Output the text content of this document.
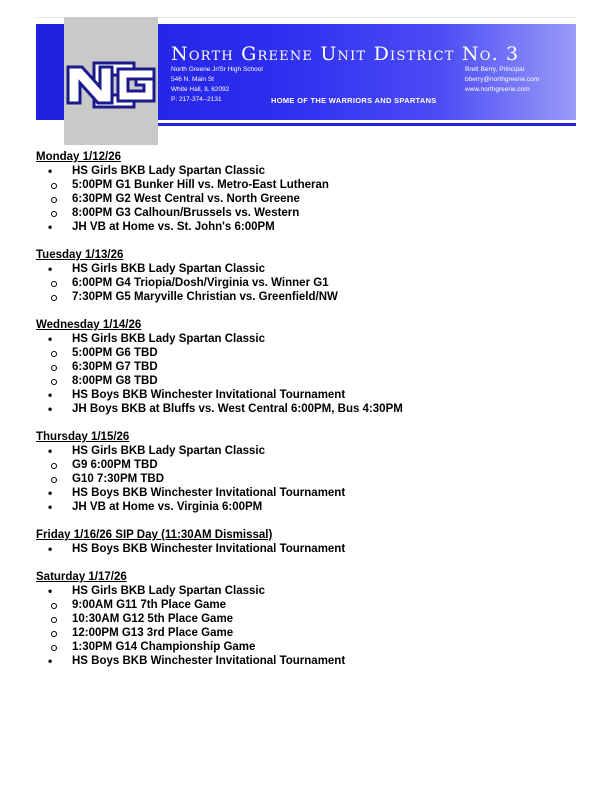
North Greene Unit District No. 3
North Greene Jr/Sr High School
546 N. Main St
White Hall, IL 62092
P: 217-374--2131
Brett Berry, Principal
bberry@northgreene.com
www.northgreene.com
HOME OF THE WARRIORS AND SPARTANS
Monday 1/12/26
• HS Girls BKB Lady Spartan Classic
5:00PM G1 Bunker Hill vs. Metro-East Lutheran
6:30PM G2 West Central vs. North Greene
8:00PM G3 Calhoun/Brussels vs. Western
• JH VB at Home vs. St. John's 6:00PM
Tuesday 1/13/26
• HS Girls BKB Lady Spartan Classic
6:00PM G4 Triopia/Dosh/Virginia vs. Winner G1
7:30PM G5 Maryville Christian vs. Greenfield/NW
Wednesday 1/14/26
• HS Girls BKB Lady Spartan Classic
5:00PM G6 TBD
6:30PM G7 TBD
8:00PM G8 TBD
• HS Boys BKB Winchester Invitational Tournament
• JH Boys BKB at Bluffs vs. West Central 6:00PM, Bus 4:30PM
Thursday 1/15/26
• HS Girls BKB Lady Spartan Classic
G9 6:00PM TBD
G10 7:30PM TBD
• HS Boys BKB Winchester Invitational Tournament
• JH VB at Home vs. Virginia 6:00PM
Friday 1/16/26 SIP Day (11:30AM Dismissal)
• HS Boys BKB Winchester Invitational Tournament
Saturday 1/17/26
• HS Girls BKB Lady Spartan Classic
9:00AM G11 7th Place Game
10:30AM G12 5th Place Game
12:00PM G13 3rd Place Game
1:30PM G14 Championship Game
• HS Boys BKB Winchester Invitational Tournament
